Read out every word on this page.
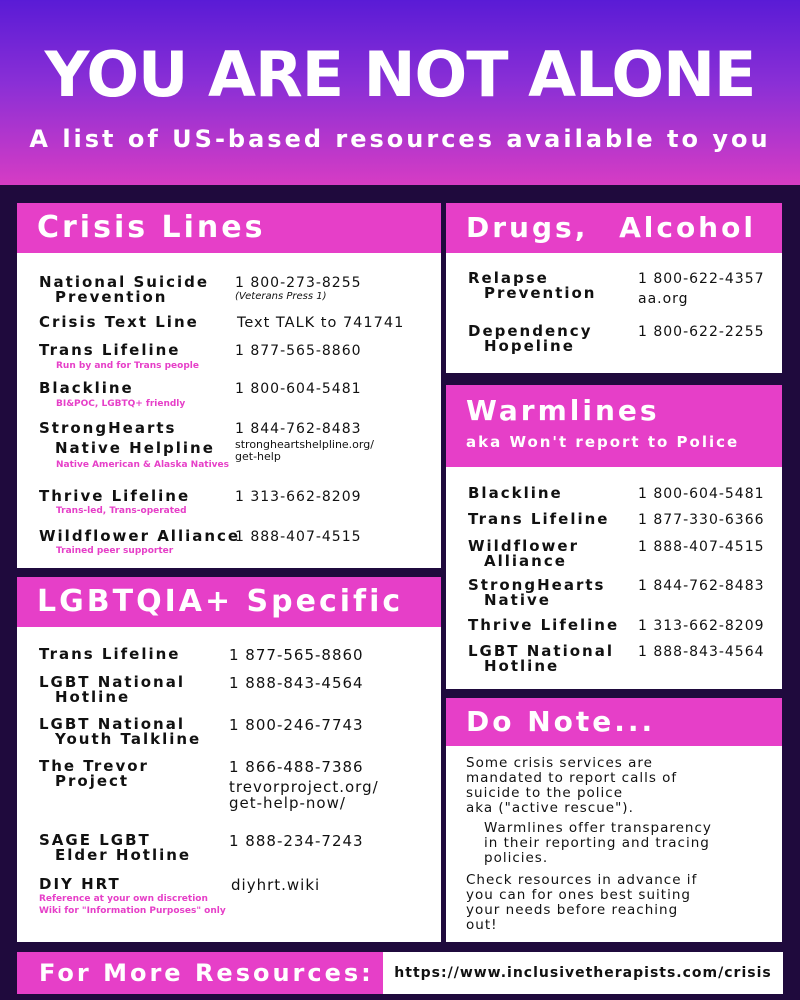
YOU ARE NOT ALONE
A list of US-based resources available to you
Crisis Lines
National Suicide
Prevention
1 800-273-8255
(Veterans Press 1)
Crisis Text Line	Text TALK to 741741
Trans Lifeline
Run by and for Trans people
1 877-565-8860
Blackline
BI&POC, LGBTQ+ friendly
1 800-604-5481
StrongHearts
Native Helpline
Native American & Alaska Natives
1 844-762-8483
strongheartshelpline.org/
get-help
Thrive Lifeline
Trans-led, Trans-operated
1 313-662-8209
Wildflower Alliance
Trained peer supporter
1 888-407-4515
LGBTQIA+ Specific
Trans Lifeline	1 877-565-8860
LGBT National
Hotline
1 888-843-4564
LGBT National
Youth Talkline
1 800-246-7743
The Trevor
Project
1 866-488-7386
trevorproject.org/
get-help-now/
SAGE LGBT
Elder Hotline
1 888-234-7243
DIY HRT
Reference at your own discretion
Wiki for "Information Purposes" only
diyhrt.wiki
Drugs, Alcohol
Relapse
Prevention
1 800-622-4357
aa.org
Dependency
Hopeline
1 800-622-2255
Warmlines
aka Won't report to Police
Blackline	1 800-604-5481
Trans Lifeline 1 877-330-6366
Wildflower
Alliance
1 888-407-4515
StrongHearts
Native
1 844-762-8483
Thrive Lifeline 1 313-662-8209
LGBT National
Hotline
1 888-843-4564
Do Note...

Some crisis services are
mandated to report calls of
suicide to the police
aka ("active rescue").

Warmlines offer transparency
in their reporting and tracing
policies.

Check resources in advance if
you can for ones best suiting
your needs before reaching
out!

For More Resources:	https://www.inclusivetherapists.com/crisis
